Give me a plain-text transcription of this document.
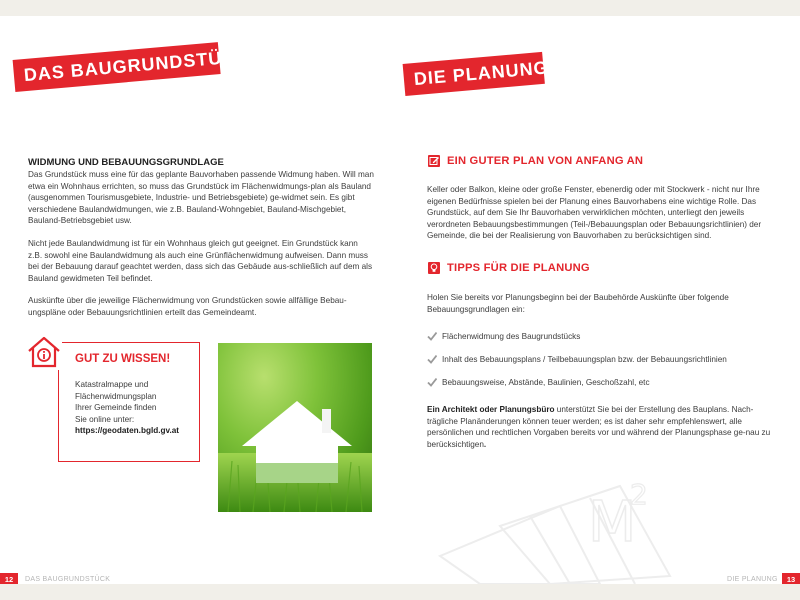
DAS BAUGRUNDSTÜCK
WIDMUNG UND BEBAUUNGSGRUNDLAGE

Das Grundstück muss eine für das geplante Bauvorhaben passende Widmung haben. Will man etwa ein Wohnhaus errichten, so muss das Grundstück im Flächenwidmungs-plan als Bauland (ausgenommen Tourismusgebiete, Industrie- und Betriebsgebiete) ge-widmet sein. Es gibt verschiedene Baulandwidmungen, wie z.B. Bauland-Wohngebiet, Bauland-Mischgebiet, Bauland-Betriebsgebiet usw.

Nicht jede Baulandwidmung ist für ein Wohnhaus gleich gut geeignet. Ein Grundstück kann z.B. sowohl eine Baulandwidmung als auch eine Grünflächenwidmung aufweisen. Dann muss bei der Bebauung darauf geachtet werden, dass sich das Gebäude aus-schließlich auf dem als Bauland gewidmeten Teil befindet.

Auskünfte über die jeweilige Flächenwidmung von Grundstücken sowie allfällige Bebau-ungspläne oder Bebauungsrichtlinien erteilt das Gemeindeamt.

GUT ZU WISSEN!
Katastralmappe und
Flächenwidmungsplan
Ihrer Gemeinde finden
Sie online unter:
https://geodaten.bgld.gv.at
12	DAS BAUGRUNDSTÜCK
DIE PLANUNG
EIN GUTER PLAN VON ANFANG AN

Keller oder Balkon, kleine oder große Fenster, ebenerdig oder mit Stockwerk - nicht nur Ihre eigenen Bedürfnisse spielen bei der Planung eines Bauvorhabens eine wichtige Rolle. Das Grundstück, auf dem Sie Ihr Bauvorhaben verwirklichen möchten, unterliegt den jeweils verordneten Bebauungsbestimmungen (Teil-/Bebauungsplan oder Bebauungsrichtlinien) der Gemeinde, die bei der Realisierung von Bauvorhaben zu berücksichtigen sind.

TIPPS FÜR DIE PLANUNG

Holen Sie bereits vor Planungsbeginn bei der Baubehörde Auskünfte über folgende Bebauungsgrundlagen ein:

Flächenwidmung des Baugrundstücks
Inhalt des Bebauungsplans / Teilbebauungsplan bzw. der Bebauungsrichtlinien
Bebauungsweise, Abstände, Baulinien, Geschoßzahl, etc

Ein Architekt oder Planungsbüro unterstützt Sie bei der Erstellung des Bauplans. Nach-trägliche Planänderungen können teuer werden; es ist daher sehr empfehlenswert, alle persönlichen und rechtlichen Vorgaben bereits vor und während der Planungsphase ge-nau zu berücksichtigen.

M
2
DIE PLANUNG	13
